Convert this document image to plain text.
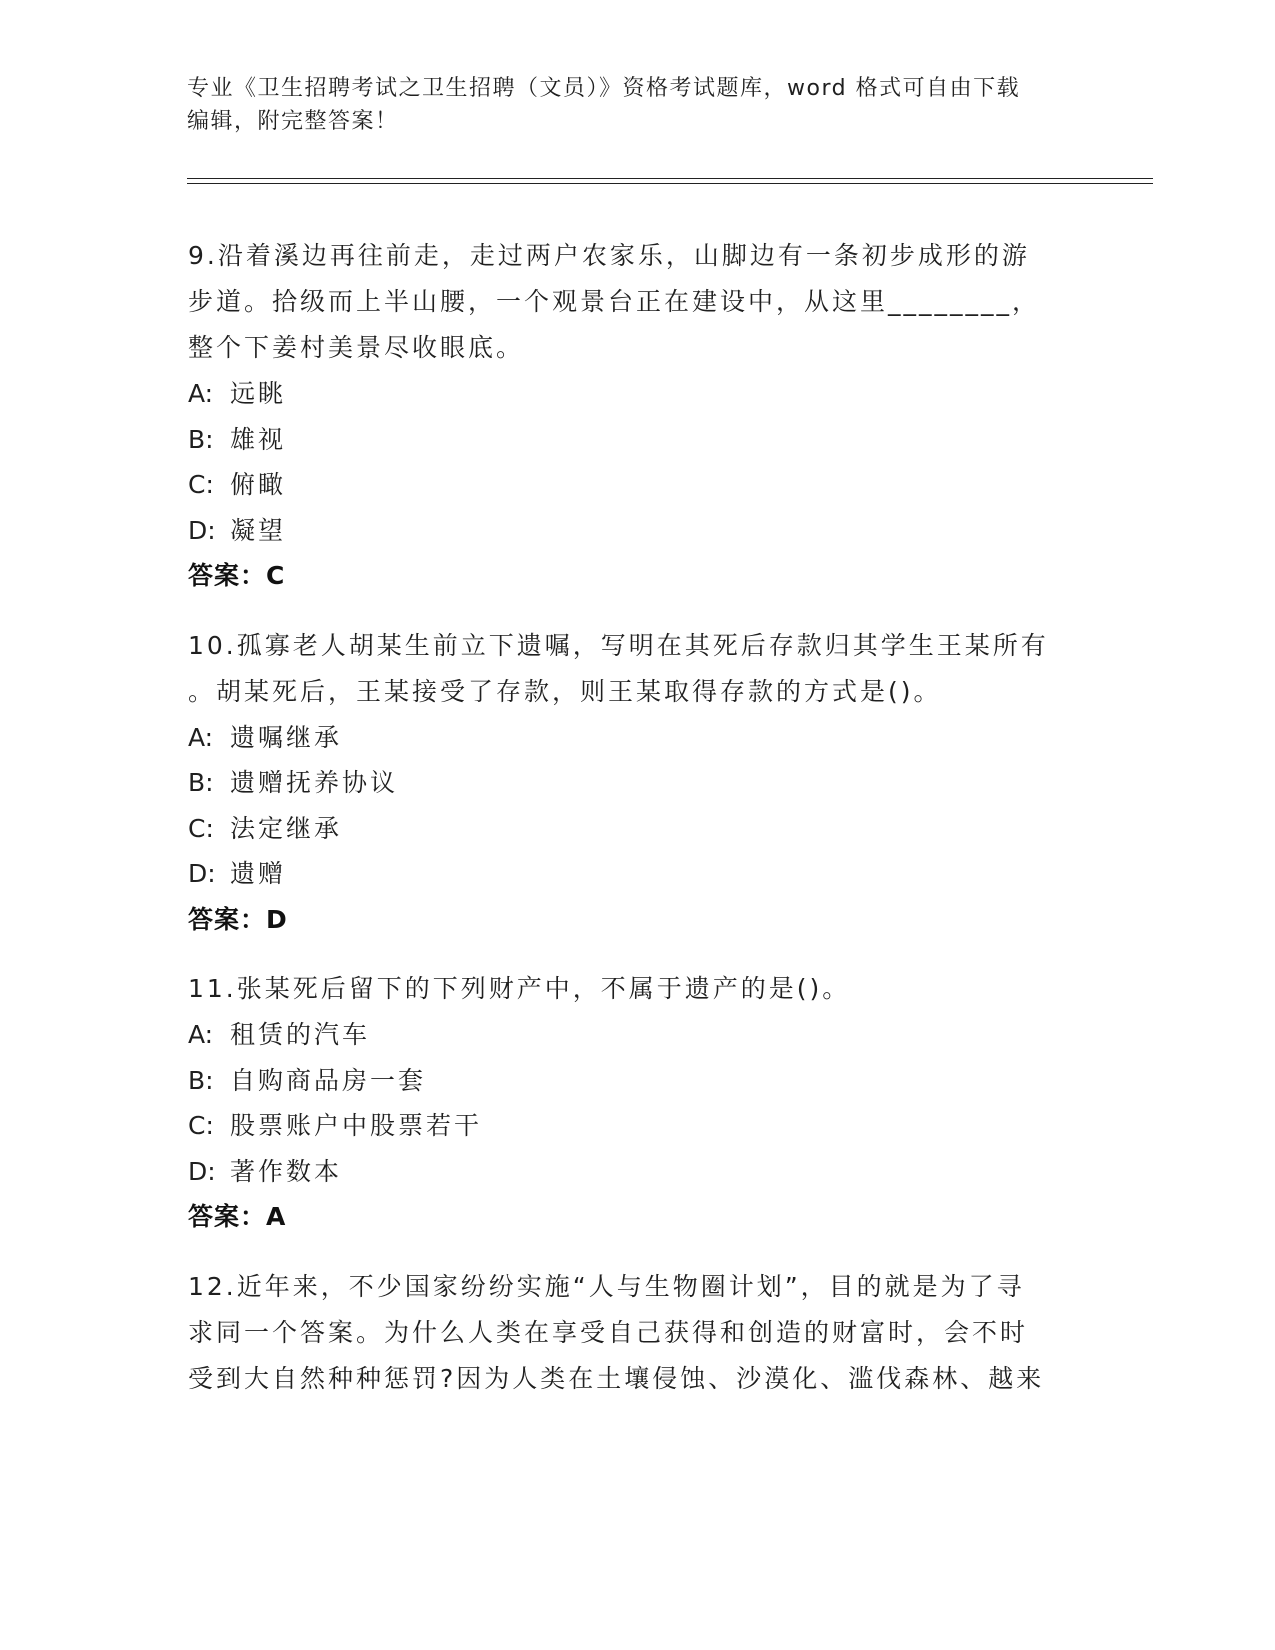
专业《卫生招聘考试之卫生招聘（文员）》资格考试题库，word 格式可自由下载
编辑，附完整答案！
9.沿着溪边再往前走，走过两户农家乐，山脚边有一条初步成形的游
步道。拾级而上半山腰，一个观景台正在建设中，从这里________，
整个下姜村美景尽收眼底。
A: 远眺
B: 雄视
C: 俯瞰
D: 凝望
答案：C
10.孤寡老人胡某生前立下遗嘱，写明在其死后存款归其学生王某所有
。胡某死后，王某接受了存款，则王某取得存款的方式是()。
A: 遗嘱继承
B: 遗赠抚养协议
C: 法定继承
D: 遗赠
答案：D
11.张某死后留下的下列财产中，不属于遗产的是()。
A: 租赁的汽车
B: 自购商品房一套
C: 股票账户中股票若干
D: 著作数本
答案：A
12.近年来，不少国家纷纷实施“人与生物圈计划”，目的就是为了寻
求同一个答案。为什么人类在享受自己获得和创造的财富时，会不时
受到大自然种种惩罚?因为人类在土壤侵蚀、沙漠化、滥伐森林、越来
